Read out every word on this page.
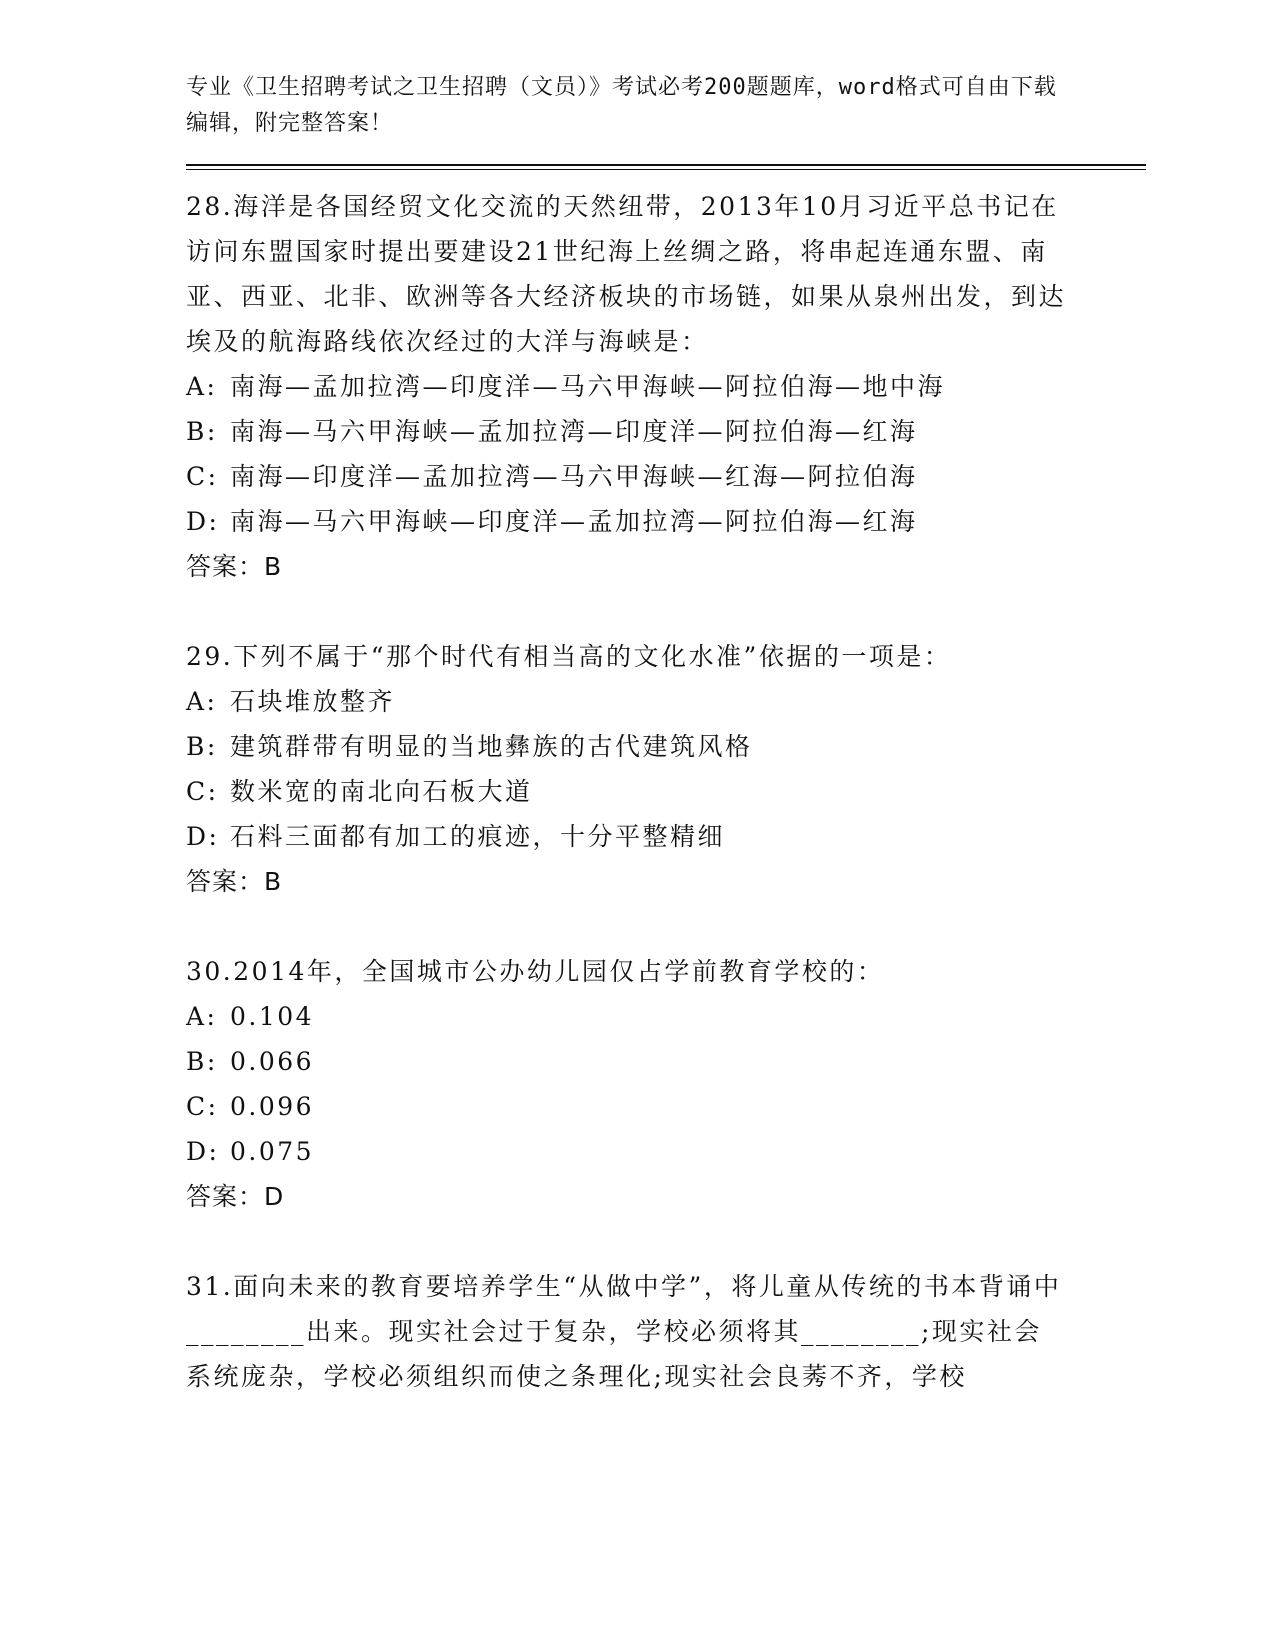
专业《卫生招聘考试之卫生招聘（文员）》考试必考200题题库，word格式可自由下载编辑，附完整答案！

28.海洋是各国经贸文化交流的天然纽带，2013年10月习近平总书记在访问东盟国家时提出要建设21世纪海上丝绸之路，将串起连通东盟、南亚、西亚、北非、欧洲等各大经济板块的市场链，如果从泉州出发，到达埃及的航海路线依次经过的大洋与海峡是：

A: 南海—孟加拉湾—印度洋—马六甲海峡—阿拉伯海—地中海

B: 南海—马六甲海峡—孟加拉湾—印度洋—阿拉伯海—红海

C: 南海—印度洋—孟加拉湾—马六甲海峡—红海—阿拉伯海

D: 南海—马六甲海峡—印度洋—孟加拉湾—阿拉伯海—红海

答案：B

29.下列不属于“那个时代有相当高的文化水准”依据的一项是：

A: 石块堆放整齐

B: 建筑群带有明显的当地彝族的古代建筑风格

C: 数米宽的南北向石板大道

D: 石料三面都有加工的痕迹，十分平整精细

答案：B

30.2014年，全国城市公办幼儿园仅占学前教育学校的：

A: 0.104

B: 0.066

C: 0.096

D: 0.075

答案：D

31.面向未来的教育要培养学生“从做中学”，将儿童从传统的书本背诵中________出来。现实社会过于复杂，学校必须将其________;现实社会系统庞杂，学校必须组织而使之条理化;现实社会良莠不齐，学校
